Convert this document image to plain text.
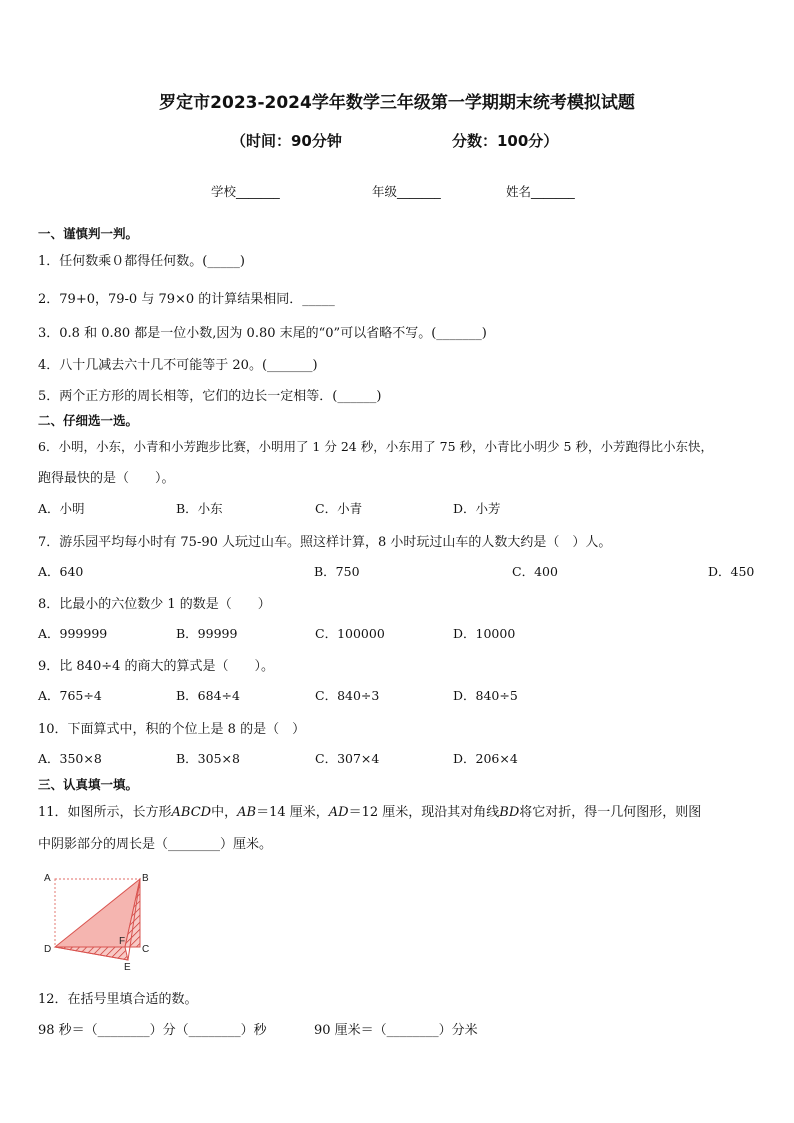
罗定市2023-2024学年数学三年级第一学期期末统考模拟试题
（时间：90分钟	分数：100分）
学校_______	年级_______	姓名_______
一、谨慎判一判。
1．任何数乘０都得任何数。(_____)
2．79+0，79-0 与 79×0 的计算结果相同．_____
3．0.8 和 0.80 都是一位小数,因为 0.80 末尾的“0”可以省略不写。(_______)
4．八十几减去六十几不可能等于 20。(_______)
5．两个正方形的周长相等，它们的边长一定相等．(______)
二、仔细选一选。
6．小明，小东，小青和小芳跑步比赛，小明用了 1 分 24 秒，小东用了 75 秒，小青比小明少 5 秒，小芳跑得比小东快，
跑得最快的是（　　）。
A．小明	B．小东	C．小青	D．小芳
7．游乐园平均每小时有 75-90 人玩过山车。照这样计算，8 小时玩过山车的人数大约是（　）人。
A．640	B．750	C．400	D．450
8．比最小的六位数少 1 的数是（　　）
A．999999	B．99999	C．100000	D．10000
9．比 840÷4 的商大的算式是（　　）。
A．765÷4	B．684÷4	C．840÷3	D．840÷5
10．下面算式中，积的个位上是 8 的是（　）
A．350×8	B．305×8	C．307×4	D．206×4
三、认真填一填。
11．如图所示，长方形ABCD中，AB＝14 厘米，AD＝12 厘米，现沿其对角线BD将它对折，得一几何图形，则图
中阴影部分的周长是（________）厘米。
A	B
C
D
E
F
12．在括号里填合适的数。
98 秒＝（________）分（________）秒	90 厘米＝（________）分米
